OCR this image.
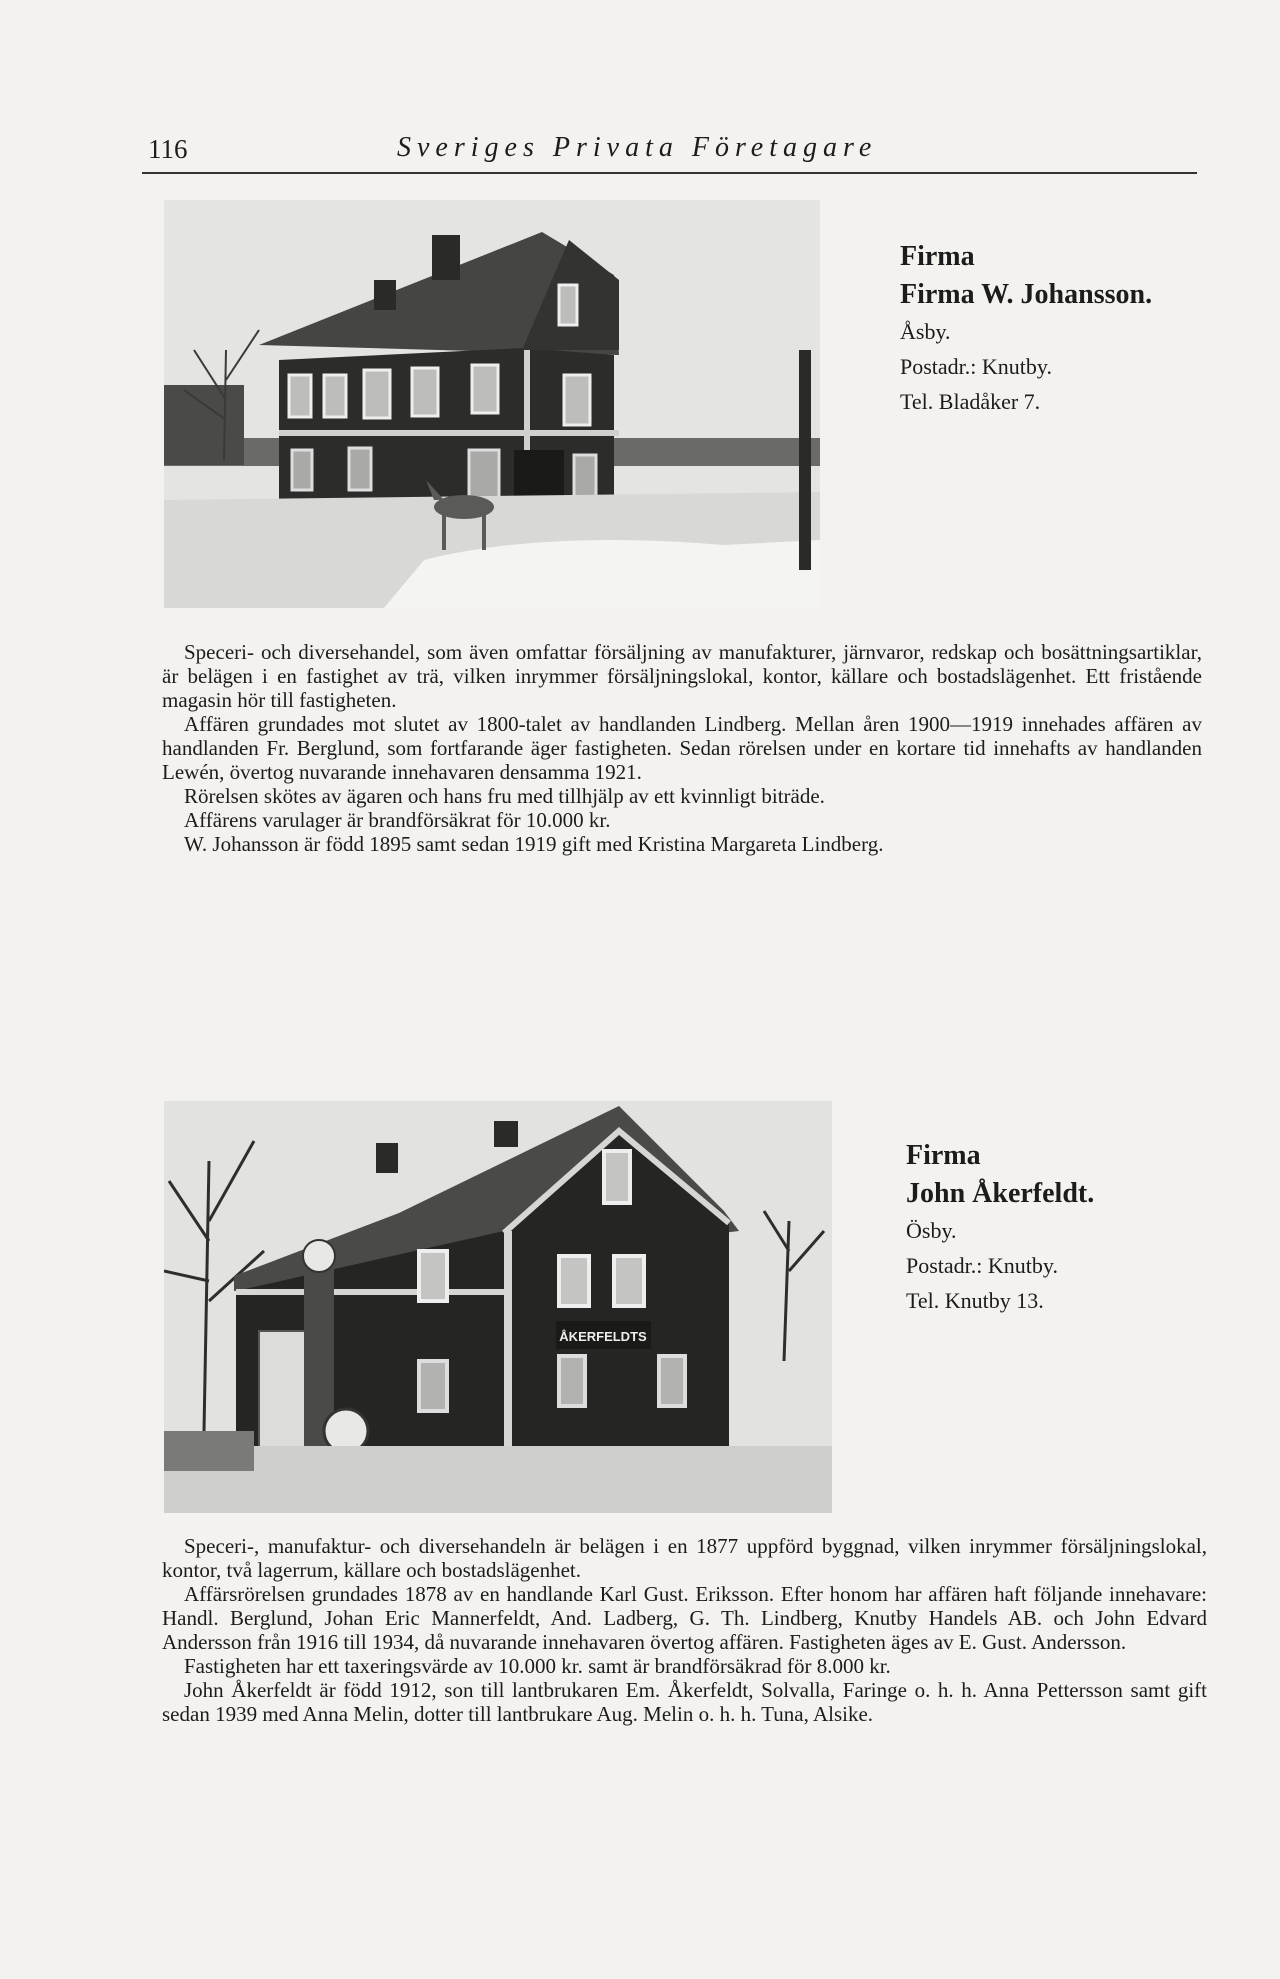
116	Sveriges Privata Företagare
Firma
Firma W. Johansson.
Åsby.
Postadr.: Knutby.
Tel. Bladåker 7.

Speceri- och diversehandel, som även omfattar försäljning av manufakturer, järnvaror, redskap och bosättningsartiklar, är belägen i en fastighet av trä, vilken inrymmer försäljningslokal, kontor, källare och bostadslägenhet. Ett fristående magasin hör till fastigheten.

Affären grundades mot slutet av 1800-talet av handlanden Lindberg. Mellan åren 1900—1919 innehades affären av handlanden Fr. Berglund, som fortfarande äger fastigheten. Sedan rörelsen under en kortare tid innehafts av handlanden Lewén, övertog nuvarande innehavaren densamma 1921.

Rörelsen skötes av ägaren och hans fru med tillhjälp av ett kvinnligt biträde.

Affärens varulager är brandförsäkrat för 10.000 kr.

W. Johansson är född 1895 samt sedan 1919 gift med Kristina Margareta Lindberg.

ÅKERFELDTS
Firma
John Åkerfeldt.
Ösby.
Postadr.: Knutby.
Tel. Knutby 13.

Speceri-, manufaktur- och diversehandeln är belägen i en 1877 uppförd byggnad, vilken inrymmer försäljningslokal, kontor, två lagerrum, källare och bostadslägenhet.

Affärsrörelsen grundades 1878 av en handlande Karl Gust. Eriksson. Efter honom har affären haft följande innehavare: Handl. Berglund, Johan Eric Mannerfeldt, And. Ladberg, G. Th. Lindberg, Knutby Handels AB. och John Edvard Andersson från 1916 till 1934, då nuvarande innehavaren övertog affären. Fastigheten äges av E. Gust. Andersson.

Fastigheten har ett taxeringsvärde av 10.000 kr. samt är brandförsäkrad för 8.000 kr.

John Åkerfeldt är född 1912, son till lantbrukaren Em. Åkerfeldt, Solvalla, Faringe o. h. h. Anna Pettersson samt gift sedan 1939 med Anna Melin, dotter till lantbrukare Aug. Melin o. h. h. Tuna, Alsike.
